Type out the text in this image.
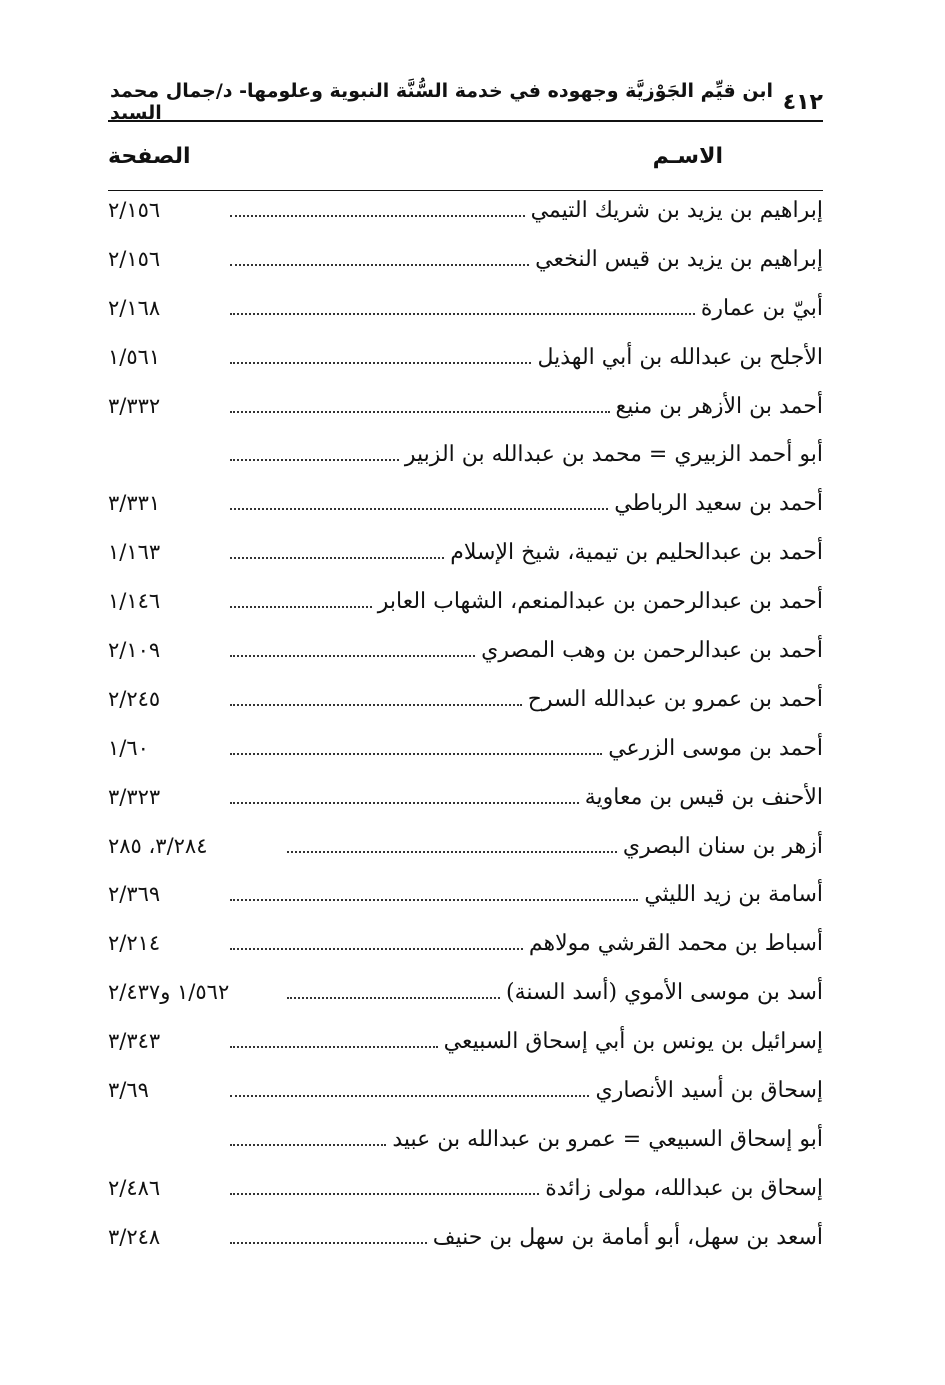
٤١٢
ابن قيِّم الجَوْزيَّة وجهوده في خدمة السُّنَّة النبوية وعلومها- د/جمال محمد السيد
الاسـم
الصفحة
إبراهيم بن يزيد بن شريك التيمي
٢/١٥٦
إبراهيم بن يزيد بن قيس النخعي
٢/١٥٦
أبيّ بن عمارة
٢/١٦٨
الأجلح بن عبدالله بن أبي الهذيل
١/٥٦١
أحمد بن الأزهر بن منيع
٣/٣٣٢
أبو أحمد الزبيري = محمد بن عبدالله بن الزبير
أحمد بن سعيد الرباطي
٣/٣٣١
أحمد بن عبدالحليم بن تيمية، شيخ الإسلام
١/١٦٣
أحمد بن عبدالرحمن بن عبدالمنعم، الشهاب العابر
١/١٤٦
أحمد بن عبدالرحمن بن وهب المصري
٢/١٠٩
أحمد بن عمرو بن عبدالله السرح
٢/٢٤٥
أحمد بن موسى الزرعي
١/٦٠
الأحنف بن قيس بن معاوية
٣/٣٢٣
أزهر بن سنان البصري
٣/٢٨٤، ٢٨٥
أسامة بن زيد الليثي
٢/٣٦٩
أسباط بن محمد القرشي مولاهم
٢/٢١٤
أسد بن موسى الأموي (أسد السنة)
١/٥٦٢ و٢/٤٣٧
إسرائيل بن يونس بن أبي إسحاق السبيعي
٣/٣٤٣
إسحاق بن أسيد الأنصاري
٣/٦٩
أبو إسحاق السبيعي = عمرو بن عبدالله بن عبيد
إسحاق بن عبدالله، مولى زائدة
٢/٤٨٦
أسعد بن سهل، أبو أمامة بن سهل بن حنيف
٣/٢٤٨
